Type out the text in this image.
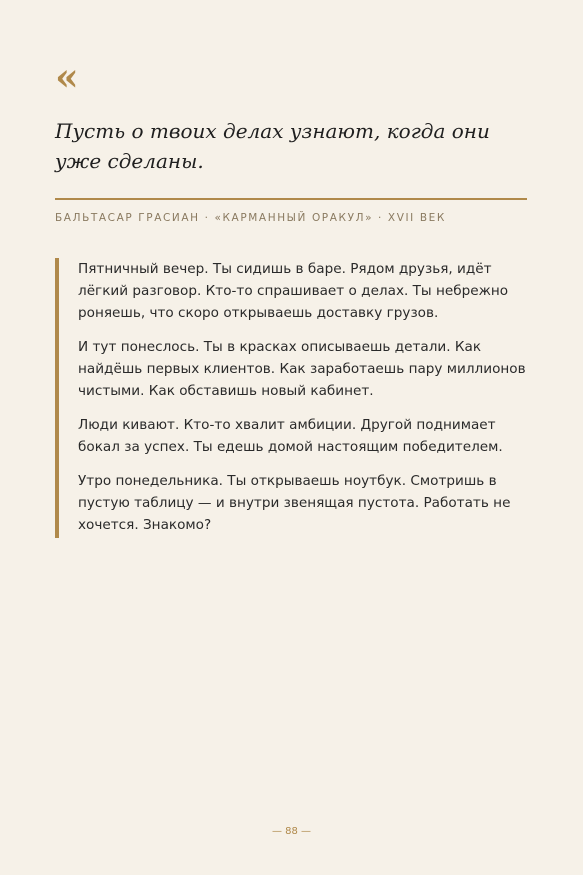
«

Пусть о твоих делах узнают, когда они уже сделаны.

БАЛЬТАСАР ГРАСИАН · «КАРМАННЫЙ ОРАКУЛ» · XVII ВЕК

Пятничный вечер. Ты сидишь в баре. Рядом друзья, идёт лёгкий разговор. Кто-то спрашивает о делах. Ты небрежно роняешь, что скоро открываешь доставку грузов.

И тут понеслось. Ты в красках описываешь детали. Как найдёшь первых клиентов. Как заработаешь пару миллионов чистыми. Как обставишь новый кабинет.

Люди кивают. Кто-то хвалит амбиции. Другой поднимает бокал за успех. Ты едешь домой настоящим победителем.

Утро понедельника. Ты открываешь ноутбук. Смотришь в пустую таблицу — и внутри звенящая пустота. Работать не хочется. Знакомо?

— 88 —
